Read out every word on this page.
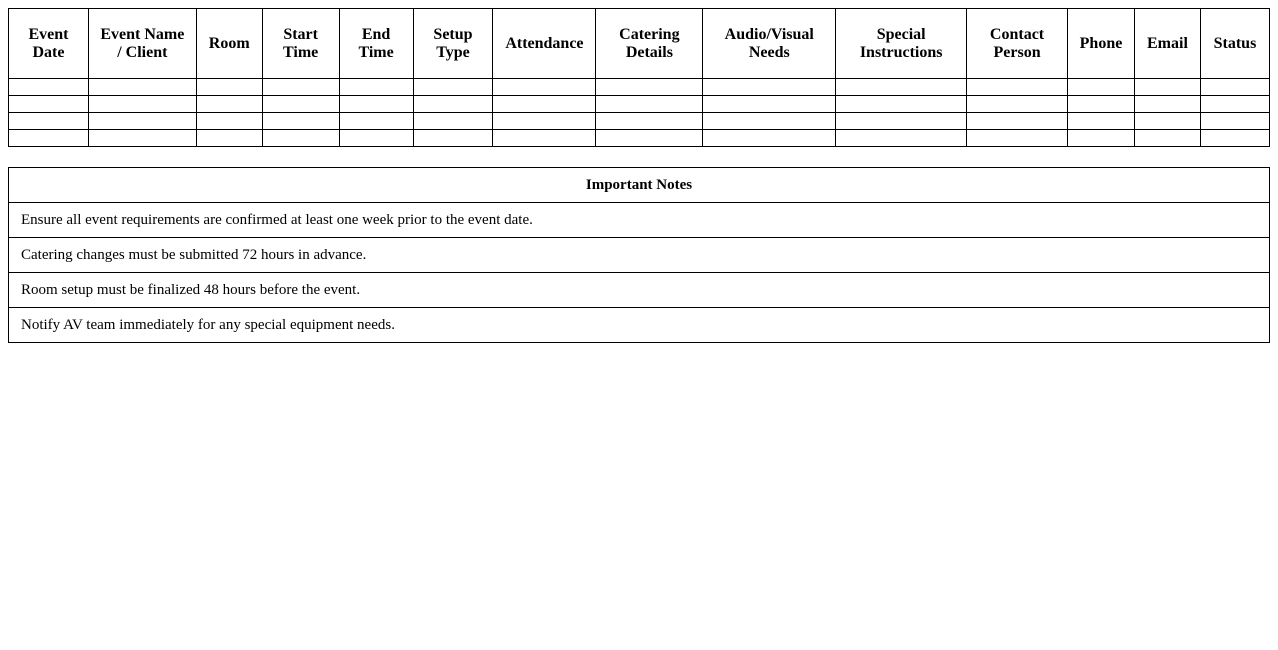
Event Date	Event Name / Client	Room	Start Time	End Time	Setup Type	Attendance	Catering Details	Audio/Visual Needs	Special Instructions	Contact Person	Phone	Email	Status

Important Notes
Ensure all event requirements are confirmed at least one week prior to the event date.
Catering changes must be submitted 72 hours in advance.
Room setup must be finalized 48 hours before the event.
Notify AV team immediately for any special equipment needs.
